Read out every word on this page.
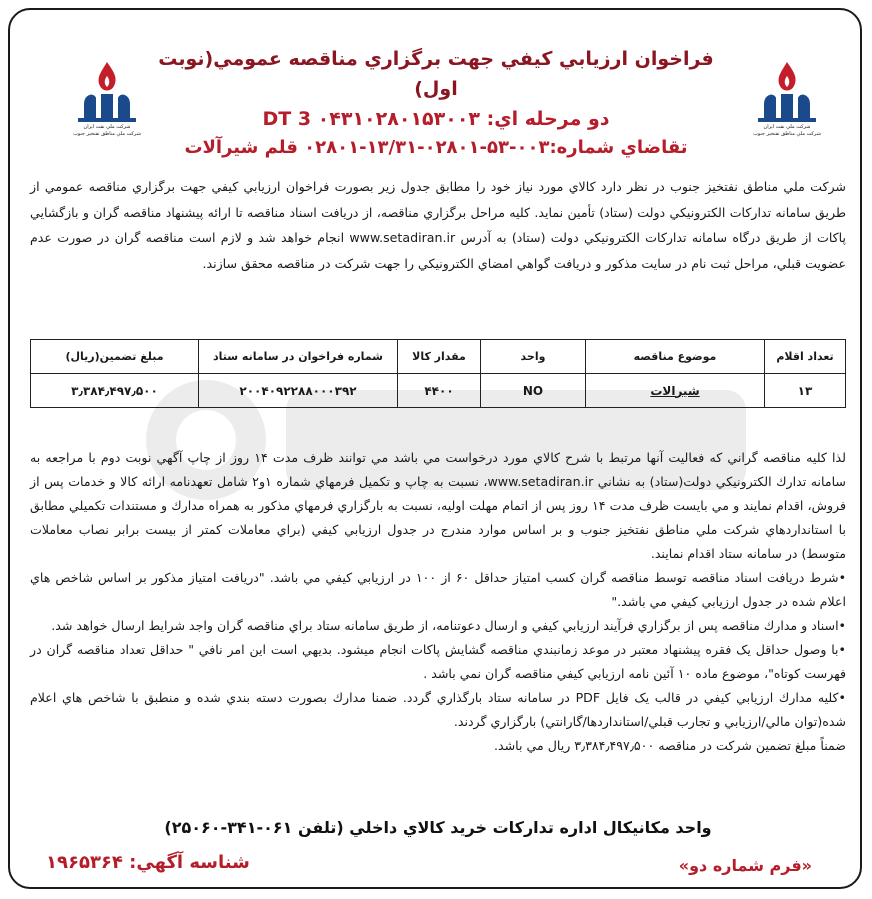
شركت ملي نفت ايران
شركت ملي مناطق نفتخيز جنوب
شركت ملي نفت ايران
شركت ملي مناطق نفتخيز جنوب
فراخوان ارزيابي كيفي جهت برگزاري مناقصه عمومي(نوبت اول)
دو مرحله اي: DT 3 ۰۴۳۱۰۲۸۰۱۵۳۰۰۳
تقاضاي شماره:۰۰۳-۵۳-۰۲۸۰۱-۱۳/۳۱-۰۲۸۰۱ قلم شيرآلات
شركت ملي مناطق نفتخيز جنوب در نظر دارد كالاي مورد نياز خود را مطابق جدول زير بصورت فراخوان ارزيابي كيفي جهت برگزاري مناقصه عمومي از طريق سامانه تداركات الكترونيكي دولت (ستاد) تأمين نمايد. كليه مراحل برگزاري مناقصه، از دريافت اسناد مناقصه تا ارائه پيشنهاد مناقصه گران و بازگشايي پاكات از طريق درگاه سامانه تداركات الكترونيكي دولت (ستاد) به آدرس www.setadiran.ir انجام خواهد شد و لازم است مناقصه گران در صورت عدم عضويت قبلي، مراحل ثبت نام در سايت مذكور و دريافت گواهي امضاي الكترونيكي را جهت شركت در مناقصه محقق سازند.
تعداد اقلام	موضوع مناقصه	واحد	مقدار كالا	شماره فراخوان در سامانه ستاد	مبلغ تضمين(ريال)
۱۳	شيرالات	NO	۴۴۰۰	۲۰۰۴۰۹۲۲۸۸۰۰۰۳۹۲	۳٫۳۸۴٫۴۹۷٫۵۰۰
لذا كليه مناقصه گراني كه فعاليت آنها مرتبط با شرح كالاي مورد درخواست مي باشد مي توانند ظرف مدت ۱۴ روز از چاپ آگهي نوبت دوم با مراجعه به سامانه تدارك الكترونيكي دولت(ستاد) به نشاني www.setadiran.ir، نسبت به چاپ و تكميل فرمهاي شماره ۱و۲ شامل تعهدنامه ارائه كالا و خدمات پس از فروش، اقدام نمايند و مي بايست ظرف مدت ۱۴ روز پس از اتمام مهلت اوليه، نسبت به بارگزاري فرمهاي مذكور به همراه مدارك و مستندات تكميلي مطابق با استانداردهاي شركت ملي مناطق نفتخيز جنوب و بر اساس موارد مندرج در جدول ارزيابي كيفي (براي معاملات كمتر از بيست برابر نصاب معاملات متوسط) در سامانه ستاد اقدام نمايند.
•شرط دريافت اسناد مناقصه توسط مناقصه گران كسب امتياز حداقل ۶۰ از ۱۰۰ در ارزيابي كيفي مي باشد. "دريافت امتياز مذكور بر اساس شاخص هاي اعلام شده در جدول ارزيابي كيفي مي باشد."
•اسناد و مدارك مناقصه پس از برگزاري فرآيند ارزيابي كيفي و ارسال دعوتنامه، از طريق سامانه ستاد براي مناقصه گران واجد شرايط ارسال خواهد شد.
•با وصول حداقل يک فقره پيشنهاد معتبر در موعد زمانبندي مناقصه گشايش پاكات انجام ميشود. بديهي است اين امر نافي " حداقل تعداد مناقصه گران در فهرست كوتاه"، موضوع ماده ۱۰ آئين نامه ارزيابي كيفي مناقصه گران نمي باشد .
•كليه مدارك ارزيابي كيفي در قالب يک فايل PDF در سامانه ستاد بارگذاري گردد. ضمنا مدارك بصورت دسته بندي شده و منطبق با شاخص هاي اعلام شده(توان مالي/ارزيابي و تجارب قبلي/استانداردها/گارانتي) بارگزاري گردند.
ضمناً مبلغ تضمين شركت در مناقصه ۳٫۳۸۴٫۴۹۷٫۵۰۰ ريال مي باشد.
واحد مكانيكال اداره تداركات خريد كالاي داخلي (تلفن ۰۶۱-۳۴۱-۲۵۰۶۰)
«فرم شماره دو»
شناسه آگهي: ۱۹۶۵۳۶۴
